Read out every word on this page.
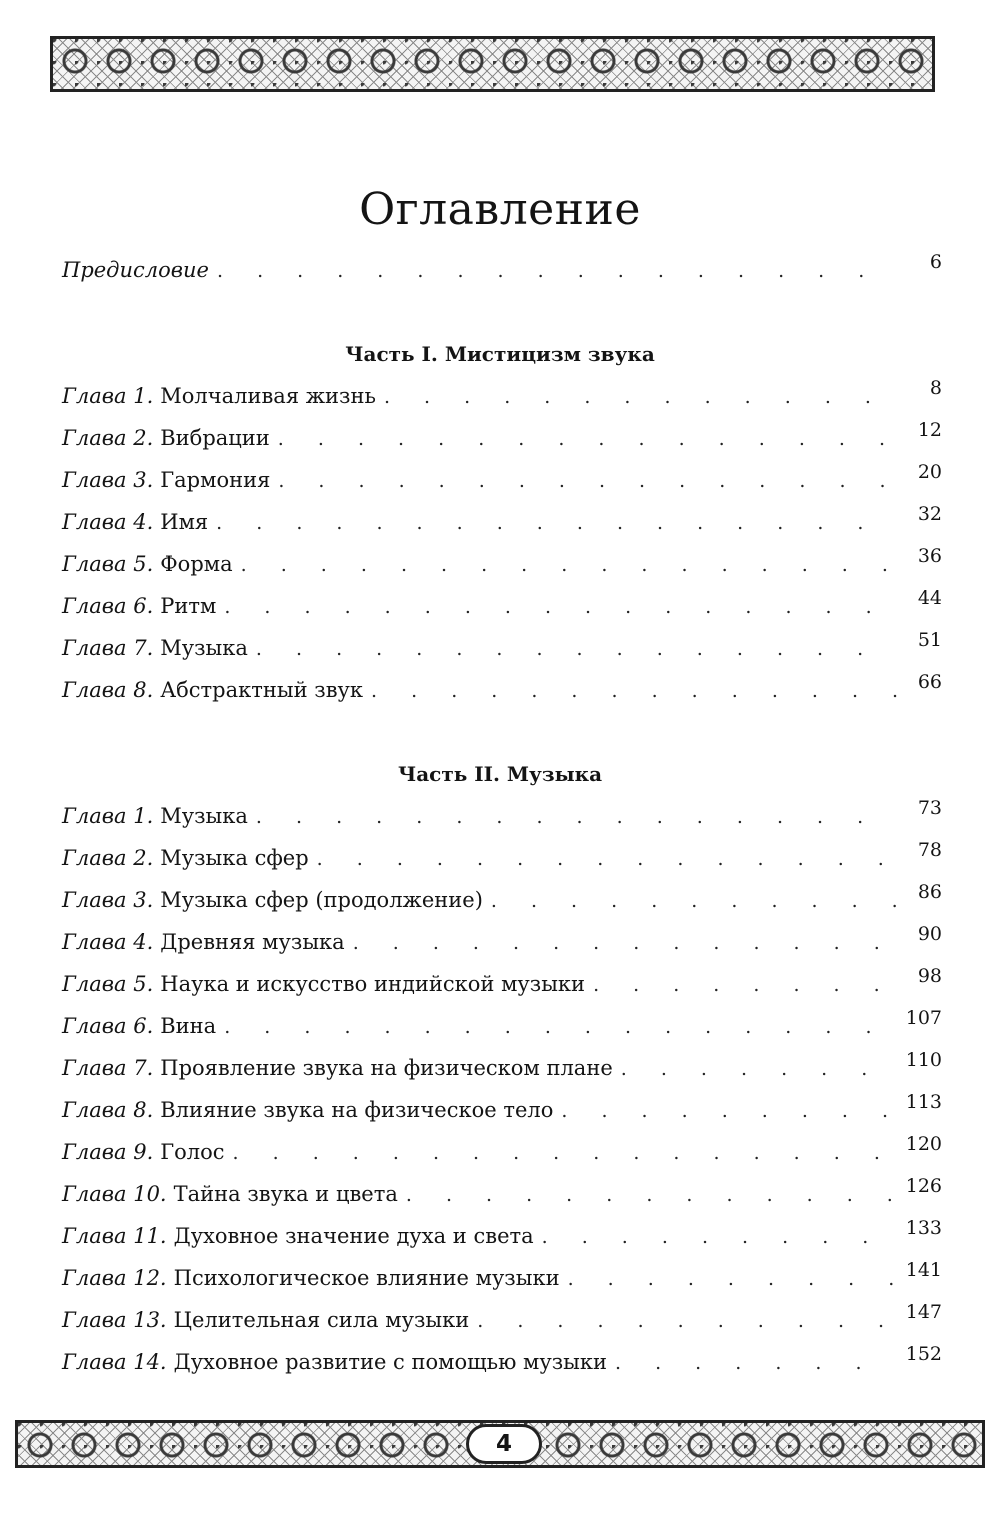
Оглавление
Предисловие . . .	6
Часть I. Мистицизм звука
Глава 1. Молчаливая жизнь . . .	8
Глава 2. Вибрации . . .	12
Глава 3. Гармония . . .	20
Глава 4. Имя . . .	32
Глава 5. Форма . . .	36
Глава 6. Ритм . . .	44
Глава 7. Музыка . . .	51
Глава 8. Абстрактный звук . . .	66
Часть II. Музыка
Глава 1. Музыка . . .	73
Глава 2. Музыка сфер . . .	78
Глава 3. Музыка сфер (продолжение) . . .	86
Глава 4. Древняя музыка . . .	90
Глава 5. Наука и искусство индийской музыки . . .	98
Глава 6. Вина . . .	107
Глава 7. Проявление звука на физическом плане . . .	110
Глава 8. Влияние звука на физическое тело . . .	113
Глава 9. Голос . . .	120
Глава 10. Тайна звука и цвета . . .	126
Глава 11. Духовное значение духа и света . . .	133
Глава 12. Психологическое влияние музыки . . .	141
Глава 13. Целительная сила музыки . . .	147
Глава 14. Духовное развитие с помощью музыки . . .	152
4
